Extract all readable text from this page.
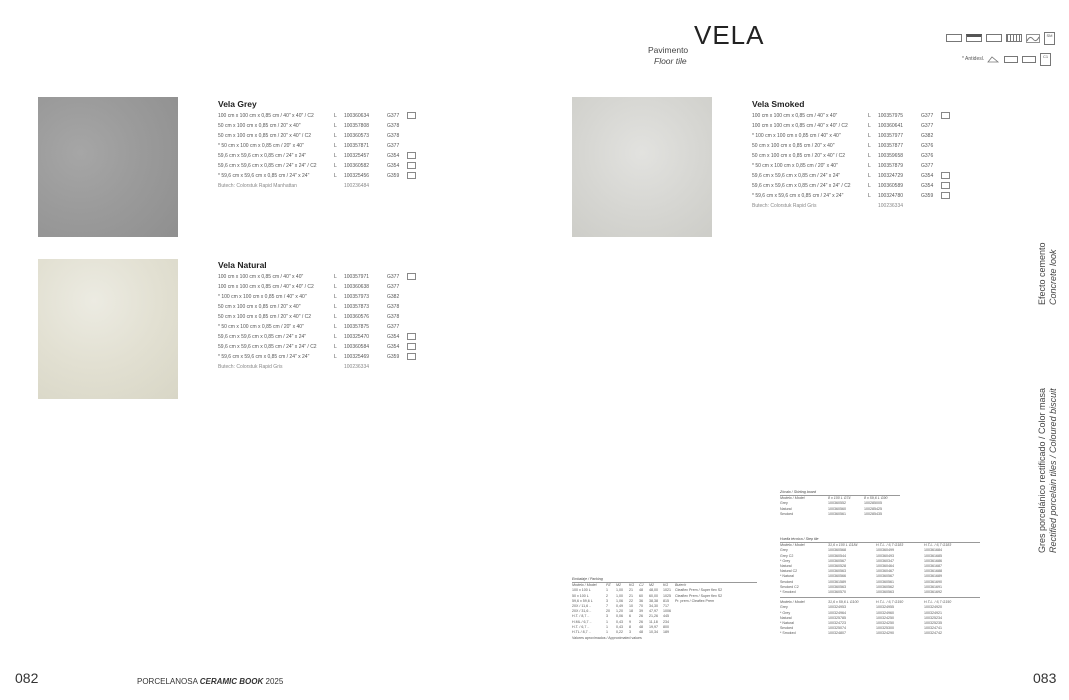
VELA
Pavimento
Floor tile
SM
* Antidesl.	C1
Vela Grey
100 cm x 100 cm x 0,85 cm / 40" x 40" / C2	L	100360634	G377
50 cm x 100 cm x 0,85 cm / 20" x 40"	L	100357808	G378
50 cm x 100 cm x 0,85 cm / 20" x 40" / C2	L	100360573	G378
* 50 cm x 100 cm x 0,85 cm / 20" x 40"	L	100357871	G377
59,6 cm x 59,6 cm x 0,85 cm / 24" x 24"	L	100325457	G354
59,6 cm x 59,6 cm x 0,85 cm / 24" x 24" / C2	L	100360582	G354
* 59,6 cm x 59,6 cm x 0,85 cm / 24" x 24"	L	100325456	G359
Butech: Colorstuk Rapid Manhattan	100236484
Vela Natural
100 cm x 100 cm x 0,85 cm / 40" x 40"	L	100357971	G377
100 cm x 100 cm x 0,85 cm / 40" x 40" / C2	L	100360638	G377
* 100 cm x 100 cm x 0,85 cm / 40" x 40"	L	100357973	G382
50 cm x 100 cm x 0,85 cm / 20" x 40"	L	100357873	G378
50 cm x 100 cm x 0,85 cm / 20" x 40" / C2	L	100360576	G378
* 50 cm x 100 cm x 0,85 cm / 20" x 40"	L	100357875	G377
59,6 cm x 59,6 cm x 0,85 cm / 24" x 24"	L	100325470	G354
59,6 cm x 59,6 cm x 0,85 cm / 24" x 24" / C2	L	100360584	G354
* 59,6 cm x 59,6 cm x 0,85 cm / 24" x 24"	L	100325469	G359
Butech: Colorstuk Rapid Gris	100236334
Vela Smoked
100 cm x 100 cm x 0,85 cm / 40" x 40"	L	100357975	G377
100 cm x 100 cm x 0,85 cm / 40" x 40" / C2	L	100360641	G377
* 100 cm x 100 cm x 0,85 cm / 40" x 40"	L	100357977	G382
50 cm x 100 cm x 0,85 cm / 20" x 40"	L	100357877	G376
50 cm x 100 cm x 0,85 cm / 20" x 40" / C2	L	100359658	G376
* 50 cm x 100 cm x 0,85 cm / 20" x 40"	L	100357879	G377
59,6 cm x 59,6 cm x 0,85 cm / 24" x 24"	L	100324729	G354
59,6 cm x 59,6 cm x 0,85 cm / 24" x 24" / C2	L	100360589	G354
* 59,6 cm x 59,6 cm x 0,85 cm / 24" x 24"	L	100324780	G359
Butech: Colorstuk Rapid Gris	100236334
Efecto cemento Concrete look
Gres porcelánico rectificado / Color masa Rectified porcelain tiles / Coloured biscuit
Zócalo / Skirting board
Modelo / Model	8 x 100 L G74	8 x 59,6 L G90
Grey	100360552	100285005
Natural	100360560	100285425
Smoked	100360561	100285435
Huella técnica / Step tile
Modelo / Model	31,6 x 100 L G184	H.T.L. / 6,7 G183	H.T.L. / 6,7 G183
Grey	100360568	100360499	100361684
Grey C2	100360544	100360493	100361685
* Grey	100360567	100360347	100361686
Natural	100360528	100360464	100361687
Natural C2	100360563	100360467	100361688
* Natural	100360566	100360567	100361689
Smoked	100361589	100360561	100361690
Smoked C2	100360563	100360562	100361691
* Smoked	100360570	100360563	100361692
Modelo / Model	31,6 x 59,6 L G100	H.T.L. / 6,7 G150	H.T.L. / 6,7 G150
Grey	100324953	100324955	100324920
* Grey	100324964	100324960	100324921
Natural	100325785	100324250	100325234
* Natural	100324723	100324250	100325235
Smoked	100325074	100325300	100324741
* Smoked	100324807	100324290	100324742
Embalaje / Packing
Modelo / Model	PZ	M2	KG	CJ	M2	KG	Butech
100 x 100 L	1	1,00	21	48	48,00	1021	Cleaflex Prem / Super flex S2
50 x 100 L	2	1,00	21	60	60,00	1025	Cleaflex Prem / Super flex S2
59,6 x 59,6 L	3	1,06	22	36	38,38	815	Pr. prem / Cleaflex Prem
20X / 11,6 ..	7	0,49	10	70	34,30	717
20X / 31,6 ..	20	1,20	18	39	47,97	1006
H.T. / 8,7 ..	3	0,06	6	26	21,26	445
H.ML / 6,7 ..	1	0,43	9	26	11,18	234
H.T. / 6,7 ..	1	0,43	8	48	19,97	800
H.TL / 8,7 ..	1	0,22	3	48	10,34	189
Valores aproximados / Approximated values
082	083
PORCELANOSA CERAMIC BOOK 2025
